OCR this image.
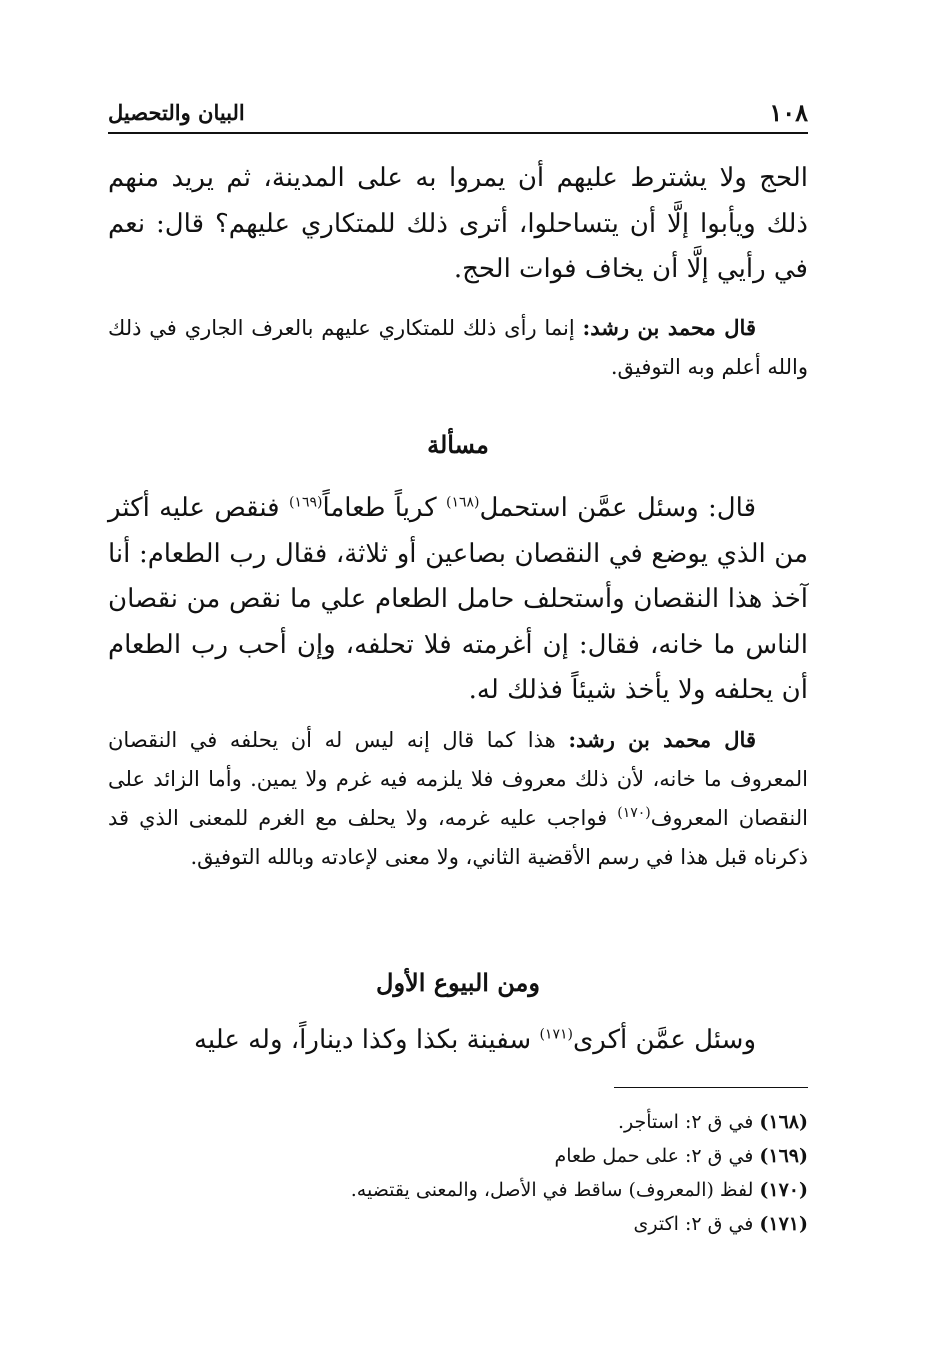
١٠٨
البيان والتحصيل
الحج ولا يشترط عليهم أن يمروا به على المدينة، ثم يريد منهم ذلك ويأبوا إلَّا أن يتساحلوا، أترى ذلك للمتكاري عليهم؟ قال: نعم في رأيي إلَّا أن يخاف فوات الحج.
قال محمد بن رشد: إنما رأى ذلك للمتكاري عليهم بالعرف الجاري في ذلك والله أعلم وبه التوفيق.
مسألة
قال: وسئل عمَّن استحمل$^{(١٦٨)}$ كرياً طعاماً$^{(١٦٩)}$ فنقص عليه أكثر من الذي يوضع في النقصان بصاعين أو ثلاثة، فقال رب الطعام: أنا آخذ هذا النقصان وأستحلف حامل الطعام علي ما نقص من نقصان الناس ما خانه، فقال: إن أغرمته فلا تحلفه، وإن أحب رب الطعام أن يحلفه ولا يأخذ شيئاً فذلك له.
قال محمد بن رشد: هذا كما قال إنه ليس له أن يحلفه في النقصان المعروف ما خانه، لأن ذلك معروف فلا يلزمه فيه غرم ولا يمين. وأما الزائد على النقصان المعروف$^{(١٧٠)}$ فواجب عليه غرمه، ولا يحلف مع الغرم للمعنى الذي قد ذكرناه قبل هذا في رسم الأقضية الثاني، ولا معنى لإعادته وبالله التوفيق.
ومن البيوع الأول
وسئل عمَّن أكرى$^{(١٧١)}$ سفينة بكذا وكذا ديناراً، وله عليه
(١٦٨)في ق ٢: استأجر.
(١٦٩)في ق ٢: على حمل طعام
(١٧٠)لفظ (المعروف) ساقط في الأصل، والمعنى يقتضيه.
(١٧١)في ق ٢: اكترى
